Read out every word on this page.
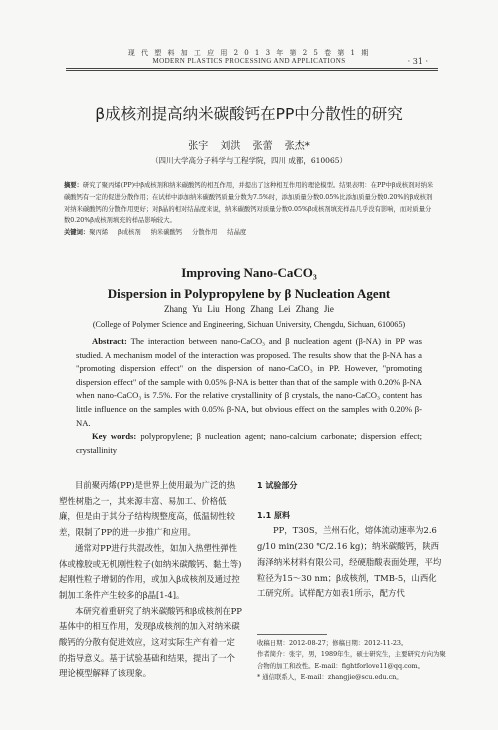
现 代 塑 料 加 工 应 用 2 0 1 3 年 第 2 5 卷 第 1 期
MODERN PLASTICS PROCESSING AND APPLICATIONS	· 31 ·
β成核剂提高纳米碳酸钙在PP中分散性的研究
张宇 刘洪 张蕾 张杰*
（四川大学高分子科学与工程学院，四川 成都，610065）
摘要：研究了聚丙烯(PP)中β成核剂和纳米碳酸钙的相互作用，并提出了这种相互作用的理论模型。结果表明：在PP中β成核剂对纳米碳酸钙有一定的促进分散作用；在试样中添加纳米碳酸钙质量分数为7.5%时，添加质量分数0.05%比添加质量分数0.20%的β成核剂对纳米碳酸钙的分散作用更好；对β晶的相对结晶度来说，纳米碳酸钙对质量分数0.05%β成核剂填充样品几乎没有影响，而对质量分数0.20%β成核剂填充的样品影响较大。
关键词：聚丙烯 β成核剂 纳米碳酸钙 分散作用 结晶度
Improving Nano-CaCO₃
Dispersion in Polypropylene by β Nucleation Agent
Zhang Yu Liu Hong Zhang Lei Zhang Jie
(College of Polymer Science and Engineering, Sichuan University, Chengdu, Sichuan, 610065)
Abstract: The interaction between nano-CaCO₃ and β nucleation agent (β-NA) in PP was studied. A mechanism model of the interaction was proposed. The results show that the β-NA has a "promoting dispersion effect" on the dispersion of nano-CaCO₃ in PP. However, "promoting dispersion effect" of the sample with 0.05% β-NA is better than that of the sample with 0.20% β-NA when nano-CaCO₃ is 7.5%. For the relative crystallinity of β crystals, the nano-CaCO₃ content has little influence on the samples with 0.05% β-NA, but obvious effect on the samples with 0.20% β-NA.
Key words: polypropylene; β nucleation agent; nano-calcium carbonate; dispersion effect; crystallinity
目前聚丙烯(PP)是世界上使用最为广泛的热塑性树脂之一，其来源丰富、易加工、价格低廉，但是由于其分子结构规整度高，低温韧性较差，限制了PP的进一步推广和应用。
通常对PP进行共混改性，如加入热塑性弹性体或橡胶或无机刚性粒子(如纳米碳酸钙、黏土等)起刚性粒子增韧的作用，或加入β成核剂及通过控制加工条件产生较多的β晶[1-4]。
本研究着重研究了纳米碳酸钙和β成核剂在PP基体中的相互作用，发现β成核剂的加入对纳米碳酸钙的分散有促进效应，这对实际生产有着一定的指导意义。基于试验基础和结果，提出了一个理论模型解释了该现象。
1 试验部分
1.1 原料
PP，T30S，兰州石化，熔体流动速率为2.6 g/10 min(230 ℃/2.16 kg)；纳米碳酸钙，陕西海泽纳米材料有限公司，经硬脂酸表面处理，平均粒径为15～30 nm；β成核剂，TMB-5，山西化工研究所。试样配方如表1所示，配方代
收稿日期：2012-08-27；修稿日期：2012-11-23。
作者简介：张宇，男，1989年生，硕士研究生，主要研究方向为聚合物的加工和改性。E-mail：fightforlove11@qq.com。
* 通信联系人，E-mail：zhangjie@scu.edu.cn。
